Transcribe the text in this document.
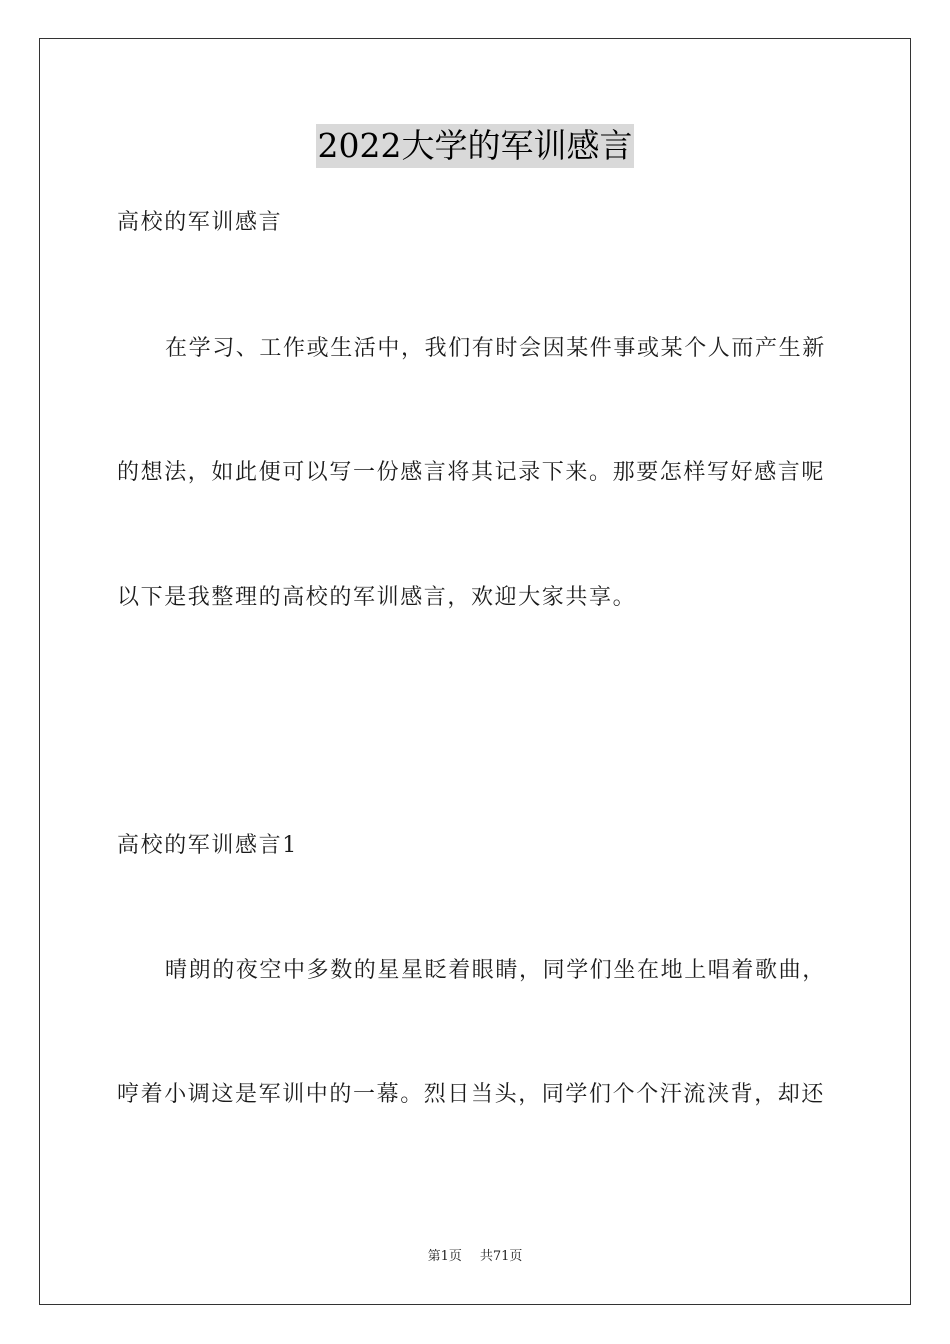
2022大学的军训感言
高校的军训感言
在学习、工作或生活中，我们有时会因某件事或某个人而产生新
的想法，如此便可以写一份感言将其记录下来。那要怎样写好感言呢
以下是我整理的高校的军训感言，欢迎大家共享。
高校的军训感言1
晴朗的夜空中多数的星星眨着眼睛，同学们坐在地上唱着歌曲，
哼着小调这是军训中的一幕。烈日当头，同学们个个汗流浃背，却还
第1页 共71页
